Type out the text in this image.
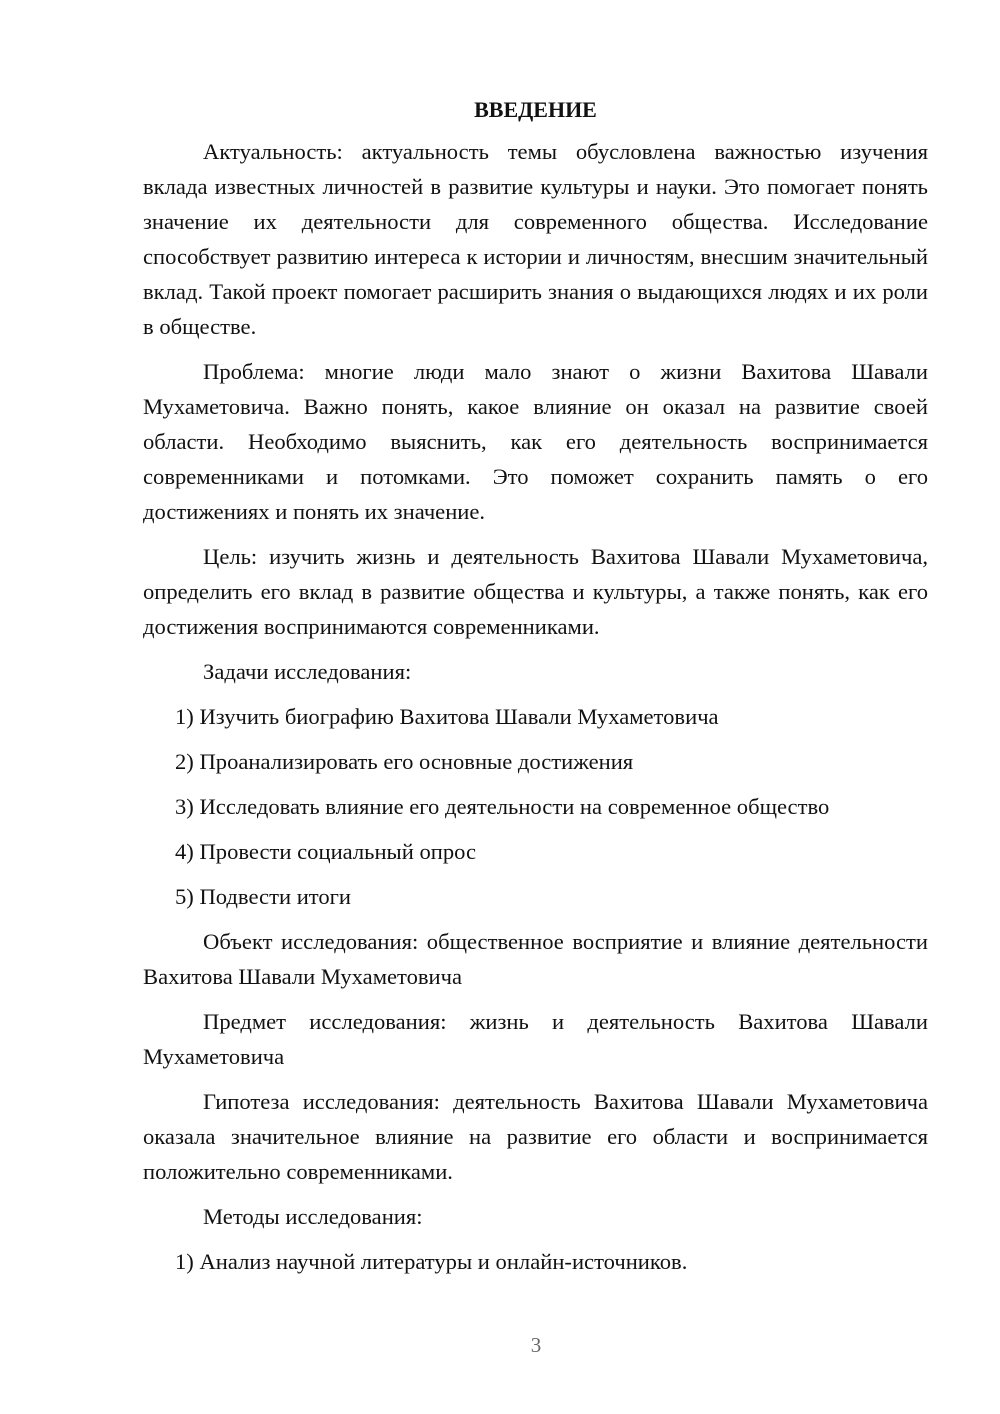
ВВЕДЕНИЕ

Актуальность: актуальность темы обусловлена важностью изучения вклада известных личностей в развитие культуры и науки. Это помогает понять значение их деятельности для современного общества. Исследование способствует развитию интереса к истории и личностям, внесшим значительный вклад. Такой проект помогает расширить знания о выдающихся людях и их роли в обществе.

Проблема: многие люди мало знают о жизни Вахитова Шавали Мухаметовича. Важно понять, какое влияние он оказал на развитие своей области. Необходимо выяснить, как его деятельность воспринимается современниками и потомками. Это поможет сохранить память о его достижениях и понять их значение.

Цель: изучить жизнь и деятельность Вахитова Шавали Мухаметовича, определить его вклад в развитие общества и культуры, а также понять, как его достижения воспринимаются современниками.

Задачи исследования:

1) Изучить биографию Вахитова Шавали Мухаметовича

2) Проанализировать его основные достижения

3) Исследовать влияние его деятельности на современное общество

4) Провести социальный опрос

5) Подвести итоги

Объект исследования: общественное восприятие и влияние деятельности Вахитова Шавали Мухаметовича

Предмет исследования: жизнь и деятельность Вахитова Шавали Мухаметовича

Гипотеза исследования: деятельность Вахитова Шавали Мухаметовича оказала значительное влияние на развитие его области и воспринимается положительно современниками.

Методы исследования:

1) Анализ научной литературы и онлайн-источников.

3
